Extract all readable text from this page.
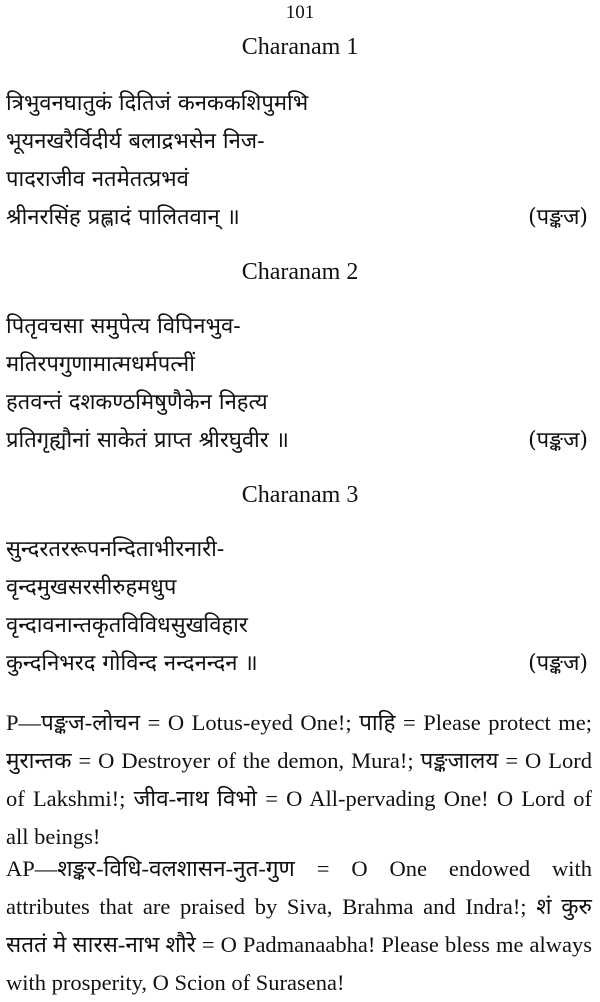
101
Charanam 1
त्रिभुवनघातुकं दितिजं कनककशिपुमभि
भूयनखरैर्विदीर्य बलाद्रभसेन निज-
पादराजीव नतमेतत्प्रभवं
श्रीनरसिंह प्रह्लादं पालितवान् ॥	(पङ्कज)
Charanam 2
पितृवचसा समुपेत्य विपिनभुव-
मतिरपगुणामात्मधर्मपत्नीं
हतवन्तं दशकण्ठमिषुणैकेन निहत्य
प्रतिगृह्यौनां साकेतं प्राप्त श्रीरघुवीर ॥	(पङ्कज)
Charanam 3
सुन्दरतररूपनन्दिताभीरनारी-
वृन्दमुखसरसीरुहमधुप
वृन्दावनान्तकृतविविधसुखविहार
कुन्दनिभरद गोविन्द नन्दनन्दन ॥	(पङ्कज)

P—पङ्कज-लोचन = O Lotus-eyed One!; पाहि = Please protect me; मुरान्तक = O Destroyer of the demon, Mura!; पङ्कजालय = O Lord of Lakshmi!; जीव-नाथ विभो = O All-pervading One! O Lord of all beings!

AP—शङ्कर-विधि-वलशासन-नुत-गुण = O One endowed with attributes that are praised by Siva, Brahma and Indra!; शं कुरु सततं मे सारस-नाभ शौरे = O Padmanaabha! Please bless me always with prosperity, O Scion of Surasena!
